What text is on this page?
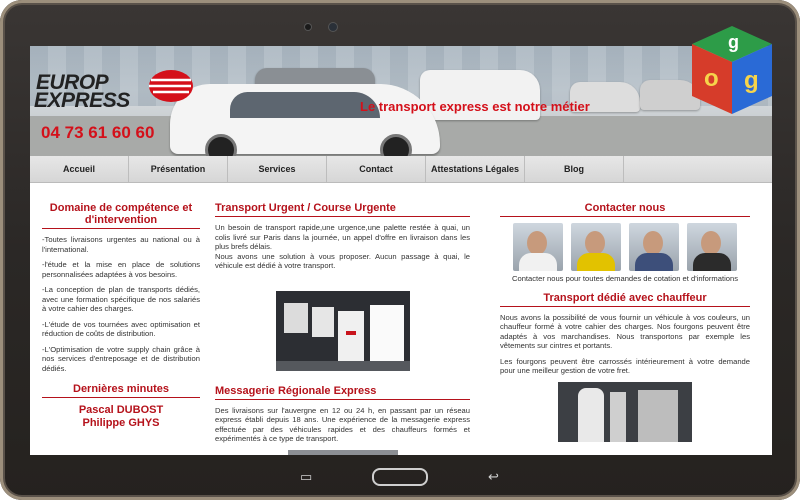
EUROP
EXPRESS
04 73 61 60 60
Le transport express est notre métier
Accueil	Présentation	Services	Contact	Attestations Légales	Blog
Domaine de compétence et d'intervention
-Toutes livraisons urgentes au national ou à l'international.
-l'étude et la mise en place de solutions personnalisées adaptées à vos besoins.
-La conception de plan de transports dédiés, avec une formation spécifique de nos salariés à votre cahier des charges.
-L'étude de vos tournées avec optimisation et réduction de coûts de distribution.
-L'Optimisation de votre supply chain grâce à nos services d'entreposage et de distribution dédiés.
Dernières minutes
Pascal DUBOST
Philippe GHYS
Transport Urgent / Course Urgente
Un besoin de transport rapide,une urgence,une palette restée à quai, un colis livré sur Paris dans la journée, un appel d'offre en livraison dans les plus brefs délais.
Nous avons une solution à vous proposer. Aucun passage à quai, le véhicule est dédié à votre transport.
Messagerie Régionale Express
Des livraisons sur l'auvergne en 12 ou 24 h, en passant par un réseau express établi depuis 18 ans. Une expérience de la messagerie express effectuée par des véhicules rapides et des chauffeurs formés et expérimentés à ce type de transport.
Contacter nous
Contacter nous pour toutes demandes de cotation et d'informations
Transport dédié avec chauffeur
Nous avons la possibilité de vous fournir un véhicule à vos couleurs, un chauffeur formé à votre cahier des charges. Nos fourgons peuvent être adaptés à vos marchandises. Nous transportons par exemple les vêtements sur cintres et portants.
Les fourgons peuvent être carrossés intérieurement à votre demande pour une meilleur gestion de votre fret.
g
o g
▭	↩
